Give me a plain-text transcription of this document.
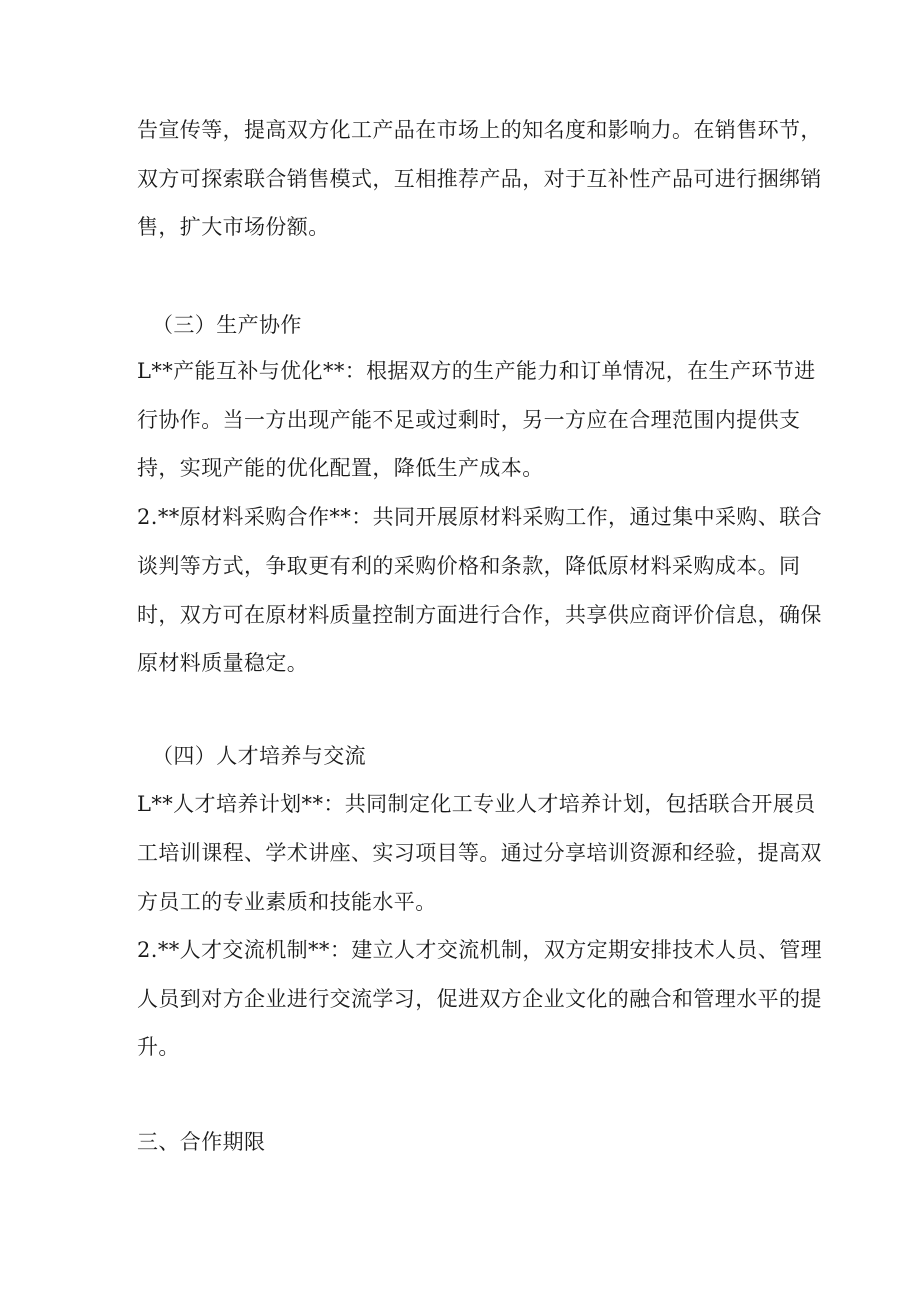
告宣传等，提高双方化工产品在市场上的知名度和影响力。在销售环节，
双方可探索联合销售模式，互相推荐产品，对于互补性产品可进行捆绑销
售，扩大市场份额。
（三）生产协作
L**产能互补与优化**：根据双方的生产能力和订单情况，在生产环节进
行协作。当一方出现产能不足或过剩时，另一方应在合理范围内提供支
持，实现产能的优化配置，降低生产成本。
2.**原材料采购合作**：共同开展原材料采购工作，通过集中采购、联合
谈判等方式，争取更有利的采购价格和条款，降低原材料采购成本。同
时，双方可在原材料质量控制方面进行合作，共享供应商评价信息，确保
原材料质量稳定。
（四）人才培养与交流
L**人才培养计划**：共同制定化工专业人才培养计划，包括联合开展员
工培训课程、学术讲座、实习项目等。通过分享培训资源和经验，提高双
方员工的专业素质和技能水平。
2.**人才交流机制**：建立人才交流机制，双方定期安排技术人员、管理
人员到对方企业进行交流学习，促进双方企业文化的融合和管理水平的提
升。
三、合作期限
